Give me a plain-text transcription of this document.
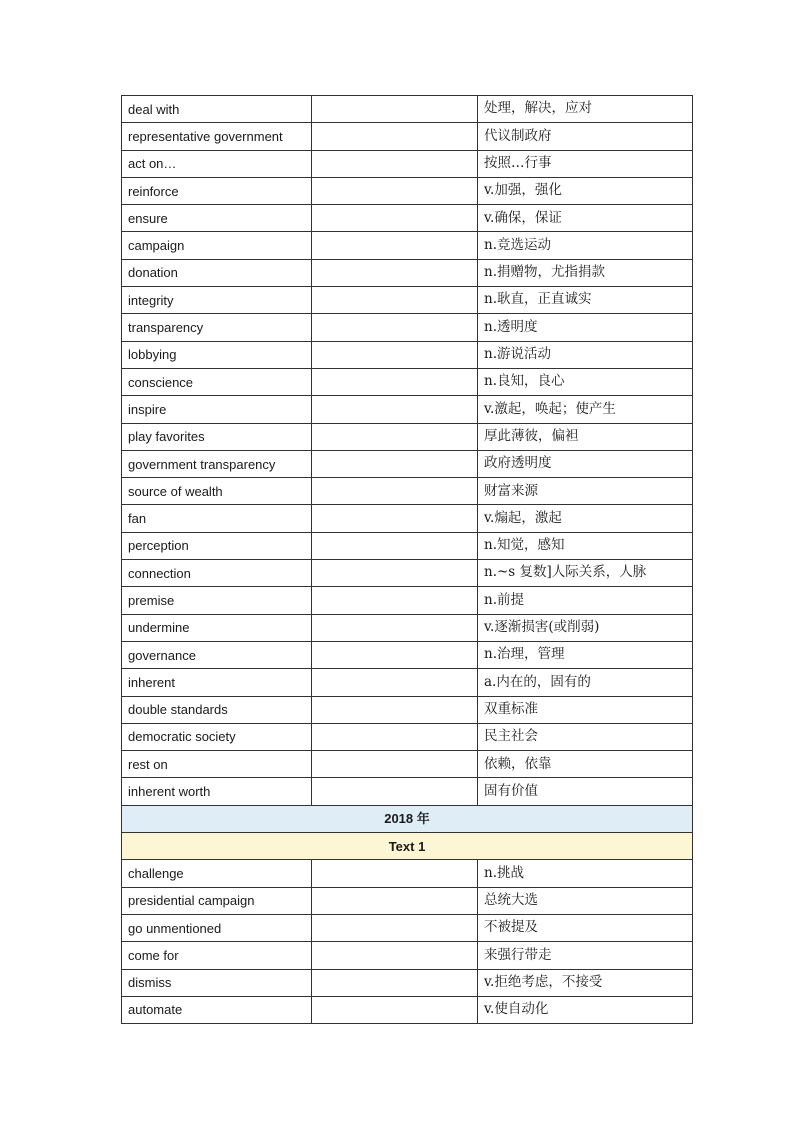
deal with		处理，解决，应对
representative government		代议制政府
act on…		按照…行事
reinforce		v.加强，强化
ensure		v.确保，保证
campaign		n.竞选运动
donation		n.捐赠物，尤指捐款
integrity		n.耿直，正直诚实
transparency		n.透明度
lobbying		n.游说活动
conscience		n.良知，良心
inspire		v.激起，唤起；使产生
play favorites		厚此薄彼，偏袒
government transparency		政府透明度
source of wealth		财富来源
fan		v.煽起，激起
perception		n.知觉，感知
connection		n.~s 复数]人际关系，人脉
premise		n.前提
undermine		v.逐渐损害(或削弱)
governance		n.治理，管理
inherent		a.内在的，固有的
double standards		双重标准
democratic society		民主社会
rest on		依赖，依靠
inherent worth		固有价值
2018 年		
Text 1		
challenge		n.挑战
presidential campaign		总统大选
go unmentioned		不被提及
come for		来强行带走
dismiss		v.拒绝考虑，不接受
automate		v.使自动化
